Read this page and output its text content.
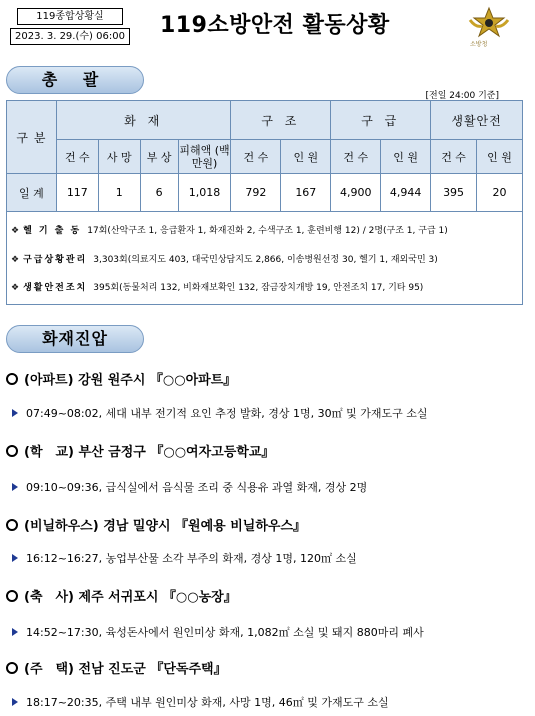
119종합상황실
2023. 3. 29.(수) 06:00 119소방안전 활동상황
소방청
총 괄
[전일 24:00 기준]
구 분	화 재				구 조		구 급		생활안전	
	건 수	사 망	부 상	피해액 (백만원)	건 수	인 원	건 수	인 원	건 수	인 원
일 계	117	1	6	1,018	792	167	4,900	4,944	395	20
❖ 헬 기 출 동 17회(산악구조 1, 응급환자 1, 화재진화 2, 수색구조 1, 훈련비행 12) / 2명(구조 1, 구급 1)
❖ 구급상황관리 3,303회(의료지도 403, 대국민상담지도 2,866, 이송병원선정 30, 헬기 1, 재외국민 3)
❖ 생활안전조치 395회(동물처리 132, 비화재보확인 132, 잠금장치개방 19, 안전조치 17, 기타 95)
화재진압
(아파트) 강원 원주시 『○○아파트』
07:49~08:02, 세대 내부 전기적 요인 추정 발화, 경상 1명, 30㎡ 및 가재도구 소실
(학　교) 부산 금정구 『○○여자고등학교』
09:10~09:36, 급식실에서 음식물 조리 중 식용유 과열 화재, 경상 2명
(비닐하우스) 경남 밀양시 『원예용 비닐하우스』
16:12~16:27, 농업부산물 소각 부주의 화재, 경상 1명, 120㎡ 소실
(축　사) 제주 서귀포시 『○○농장』
14:52~17:30, 육성돈사에서 원인미상 화재, 1,082㎡ 소실 및 돼지 880마리 폐사
(주　택) 전남 진도군 『단독주택』
18:17~20:35, 주택 내부 원인미상 화재, 사망 1명, 46㎡ 및 가재도구 소실
